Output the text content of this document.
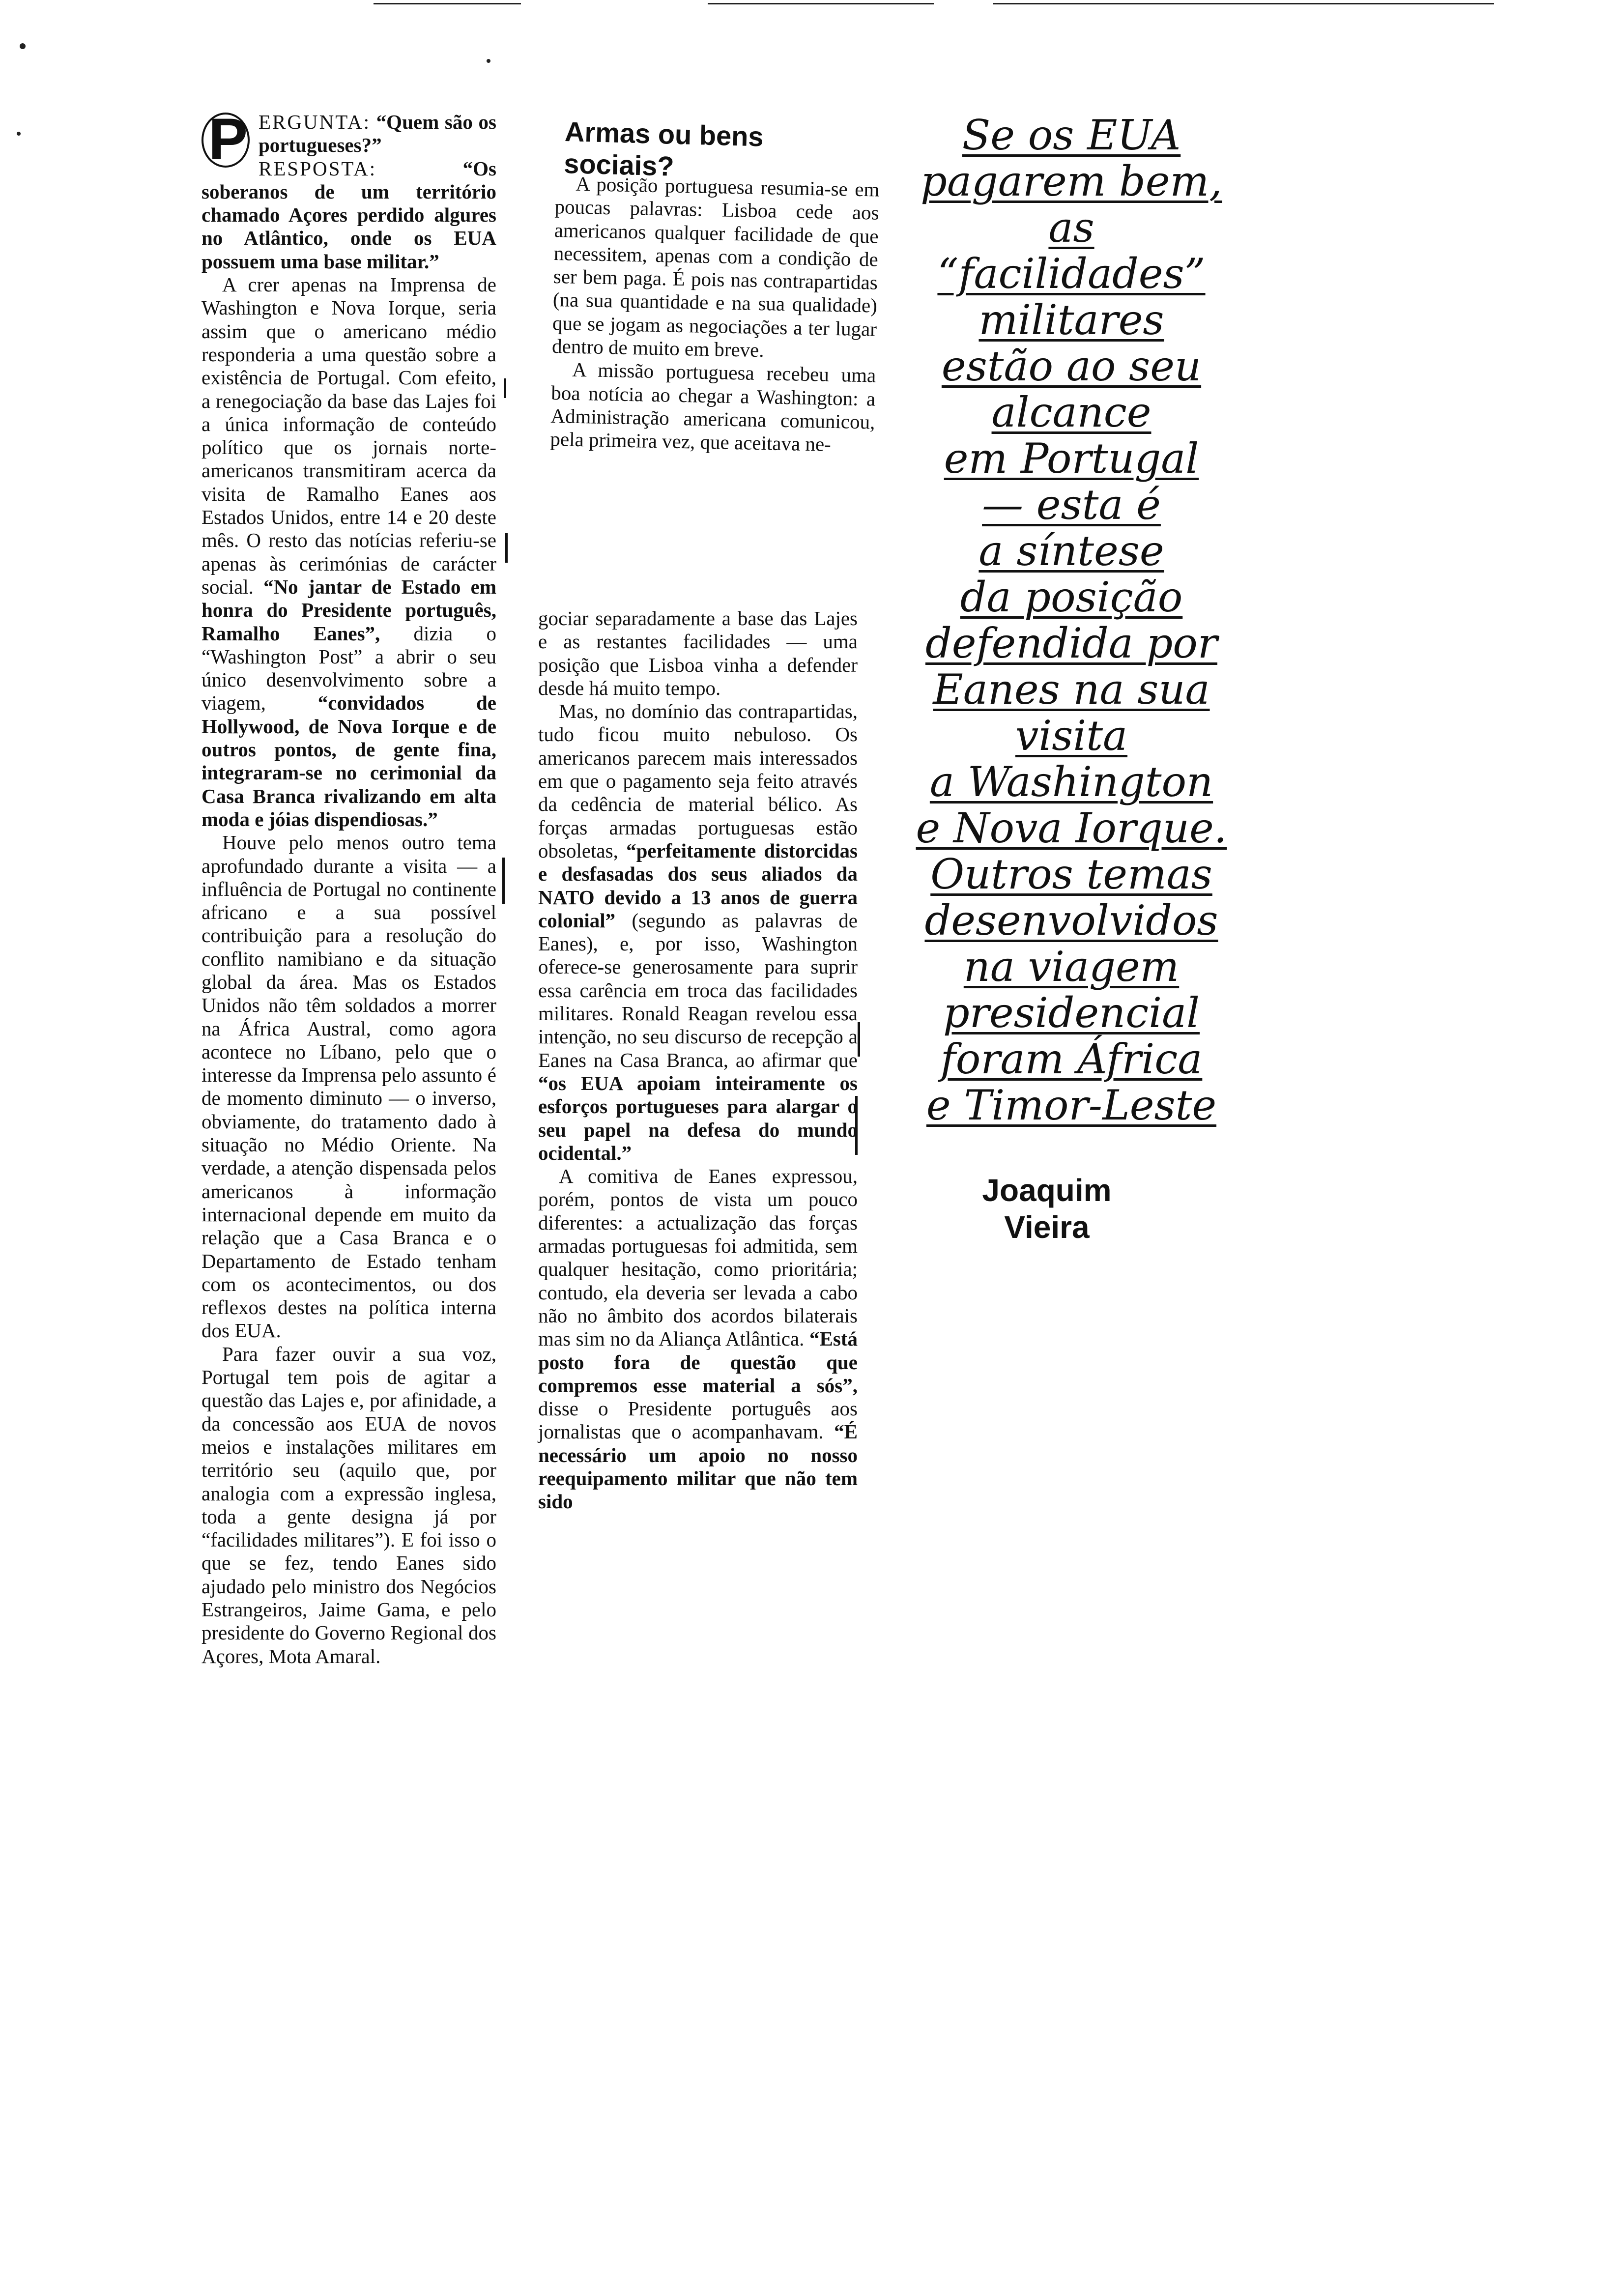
P ERGUNTA: “Quem são os portugueses?” RESPOSTA:	“Os soberanos de um território chamado Açores perdido algures no Atlântico, onde os EUA possuem uma base militar.”

A crer apenas na Imprensa de Washington e Nova Iorque, seria assim que o americano médio responderia a uma questão sobre a existência de Portugal. Com efeito, a renegociação da base das Lajes foi a única informação de conteúdo político que os jornais norte-americanos transmitiram acerca da visita de Ramalho Eanes aos Estados Unidos, entre 14 e 20 deste mês. O resto das notícias referiu-se apenas às cerimónias de carácter social. “No jantar de Estado em honra do Presidente português, Ramalho Eanes”, dizia o “Washington Post” a abrir o seu único desenvolvimento sobre a viagem,	“convidados de Hollywood, de Nova Iorque e de outros pontos, de gente fina, integraram-se no cerimonial da Casa Branca rivalizando em alta moda e jóias dispendiosas.”

Houve pelo menos outro tema aprofundado durante a visita — a influência de Portugal no continente africano e a sua possível contribuição para a resolução do conflito namibiano e da situação global da área. Mas os Estados Unidos não têm soldados a morrer na África Austral, como agora acontece no Líbano, pelo que o interesse da Imprensa pelo assunto é de momento diminuto — o inverso, obviamente, do tratamento dado à situação no Médio Oriente. Na verdade, a atenção dispensada pelos americanos à informação internacional depende em muito da relação que a Casa Branca e o Departamento de Estado tenham com os acontecimentos, ou dos reflexos destes na política interna dos EUA.

Para fazer ouvir a sua voz, Portugal tem pois de agitar a questão das Lajes e, por afinidade, a da concessão aos EUA de novos meios e instalações militares em território seu (aquilo que, por analogia com a expressão inglesa, toda a gente designa já por “facilidades militares”). E foi isso o que se fez, tendo Eanes sido ajudado pelo ministro dos Negócios Estrangeiros, Jaime Gama, e pelo presidente do Governo Regional dos Açores, Mota Amaral.

Armas ou bens sociais?

A posição portuguesa resumia-se em poucas palavras: Lisboa cede aos americanos qualquer facilidade de que necessitem, apenas com a condição de ser bem paga. É pois nas contrapartidas (na sua quantidade e na sua qualidade) que se jogam as negociações a ter lugar dentro de muito em breve.

A missão portuguesa recebeu uma boa notícia ao chegar a Washington: a Administração americana comunicou, pela primeira vez, que aceitava ne-

gociar separadamente a base das Lajes e as restantes facilidades — uma posição que Lisboa vinha a defender desde há muito tempo.

Mas, no domínio das contrapartidas, tudo ficou muito nebuloso. Os americanos parecem mais interessados em que o pagamento seja feito através da cedência de material bélico. As forças armadas portuguesas estão obsoletas, “perfeitamente distorcidas e desfasadas dos seus aliados da NATO devido a 13 anos de guerra colonial” (segundo as palavras de Eanes), e, por isso, Washington oferece-se generosamente para suprir essa carência em troca das facilidades militares. Ronald Reagan revelou essa intenção, no seu discurso de recepção a Eanes na Casa Branca, ao afirmar que “os EUA apoiam inteiramente os esforços portugueses para alargar o seu papel na defesa do mundo ocidental.”

A comitiva de Eanes expressou, porém, pontos de vista um pouco diferentes: a actualização das forças armadas portuguesas foi admitida, sem qualquer hesitação, como prioritária; contudo, ela deveria ser levada a cabo não no âmbito dos acordos bilaterais mas sim no da Aliança Atlântica. “Está posto fora de questão que compremos esse material a sós”, disse o Presidente português aos jornalistas que o acompanhavam. “É necessário um apoio no nosso reequipamento militar que não tem sido

Se os EUA
pagarem bem,
as
“facilidades”
militares
estão ao seu
alcance
em Portugal
— esta é
a síntese
da posição
defendida por
Eanes na sua
visita
a Washington
e Nova Iorque.
Outros temas
desenvolvidos
na viagem
presidencial
foram África
e Timor-Leste
Joaquim
Vieira
